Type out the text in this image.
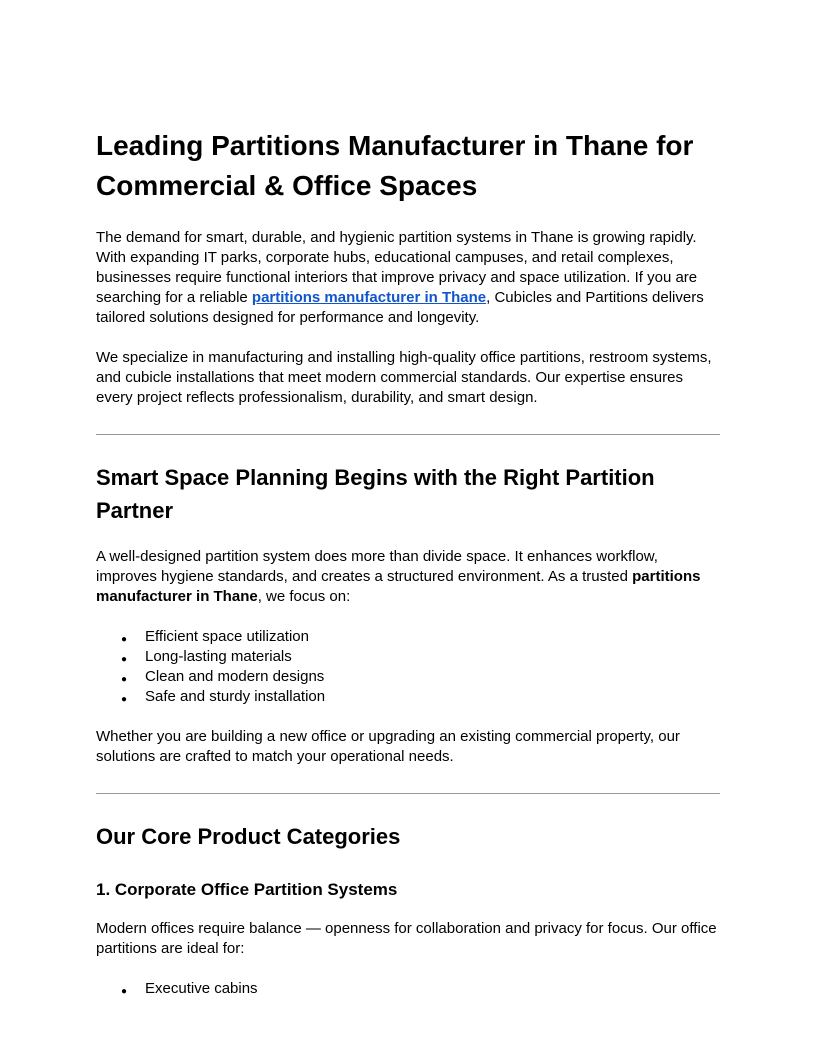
Leading Partitions Manufacturer in Thane for Commercial & Office Spaces

The demand for smart, durable, and hygienic partition systems in Thane is growing rapidly. With expanding IT parks, corporate hubs, educational campuses, and retail complexes, businesses require functional interiors that improve privacy and space utilization. If you are searching for a reliable partitions manufacturer in Thane, Cubicles and Partitions delivers tailored solutions designed for performance and longevity.

We specialize in manufacturing and installing high-quality office partitions, restroom systems, and cubicle installations that meet modern commercial standards. Our expertise ensures every project reflects professionalism, durability, and smart design.

Smart Space Planning Begins with the Right Partition Partner

A well-designed partition system does more than divide space. It enhances workflow, improves hygiene standards, and creates a structured environment. As a trusted partitions manufacturer in Thane, we focus on:

● Efficient space utilization
● Long-lasting materials
● Clean and modern designs
● Safe and sturdy installation

Whether you are building a new office or upgrading an existing commercial property, our solutions are crafted to match your operational needs.

Our Core Product Categories
1. Corporate Office Partition Systems

Modern offices require balance — openness for collaboration and privacy for focus. Our office partitions are ideal for:

● Executive cabins
